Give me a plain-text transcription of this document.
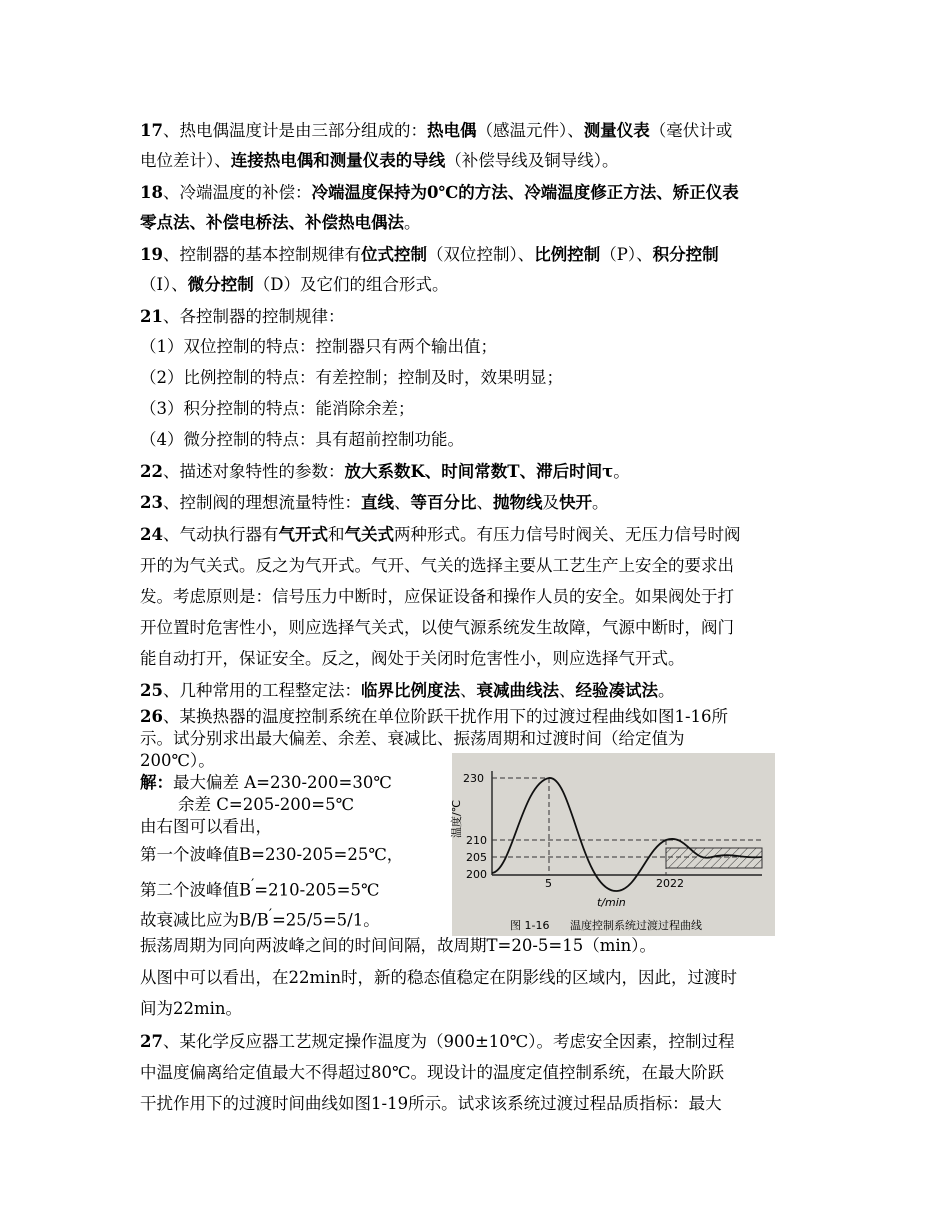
17、热电偶温度计是由三部分组成的：热电偶（感温元件）、测量仪表（毫伏计或

电位差计）、连接热电偶和测量仪表的导线（补偿导线及铜导线）。

18、冷端温度的补偿：冷端温度保持为0℃的方法、冷端温度修正方法、矫正仪表

零点法、补偿电桥法、补偿热电偶法。

19、控制器的基本控制规律有位式控制（双位控制）、比例控制（P）、积分控制

（I）、微分控制（D）及它们的组合形式。

21、各控制器的控制规律：

（1）双位控制的特点：控制器只有两个输出值；

（2）比例控制的特点：有差控制；控制及时，效果明显；

（3）积分控制的特点：能消除余差；

（4）微分控制的特点：具有超前控制功能。

22、描述对象特性的参数：放大系数K、时间常数T、滞后时间τ。

23、控制阀的理想流量特性：直线、等百分比、抛物线及快开。

24、气动执行器有气开式和气关式两种形式。有压力信号时阀关、无压力信号时阀

开的为气关式。反之为气开式。气开、气关的选择主要从工艺生产上安全的要求出

发。考虑原则是：信号压力中断时，应保证设备和操作人员的安全。如果阀处于打

开位置时危害性小，则应选择气关式，以使气源系统发生故障，气源中断时，阀门

能自动打开，保证安全。反之，阀处于关闭时危害性小，则应选择气开式。

25、几种常用的工程整定法：临界比例度法、衰减曲线法、经验凑试法。

26、某换热器的温度控制系统在单位阶跃干扰作用下的过渡过程曲线如图1-16所

示。试分别求出最大偏差、余差、衰减比、振荡周期和过渡时间（给定值为

200℃）。

解：最大偏差 A=230-200=30℃

余差 C=205-200=5℃

由右图可以看出，

第一个波峰值B=230-205=25℃，

第二个波峰值B′=210-205=5℃

故衰减比应为B/B′=25/5=5/1。

振荡周期为同向两波峰之间的时间间隔，故周期T=20-5=15（min）。

从图中可以看出，在22min时，新的稳态值稳定在阴影线的区域内，因此，过渡时

间为22min。

27、某化学反应器工艺规定操作温度为（900±10℃）。考虑安全因素，控制过程

中温度偏离给定值最大不得超过80℃。现设计的温度定值控制系统，在最大阶跃

干扰作用下的过渡时间曲线如图1-19所示。试求该系统过渡过程品质指标：最大

230
210
205
200
温度/℃
5	20 22
t/min
图 1-16 温度控制系统过渡过程曲线
